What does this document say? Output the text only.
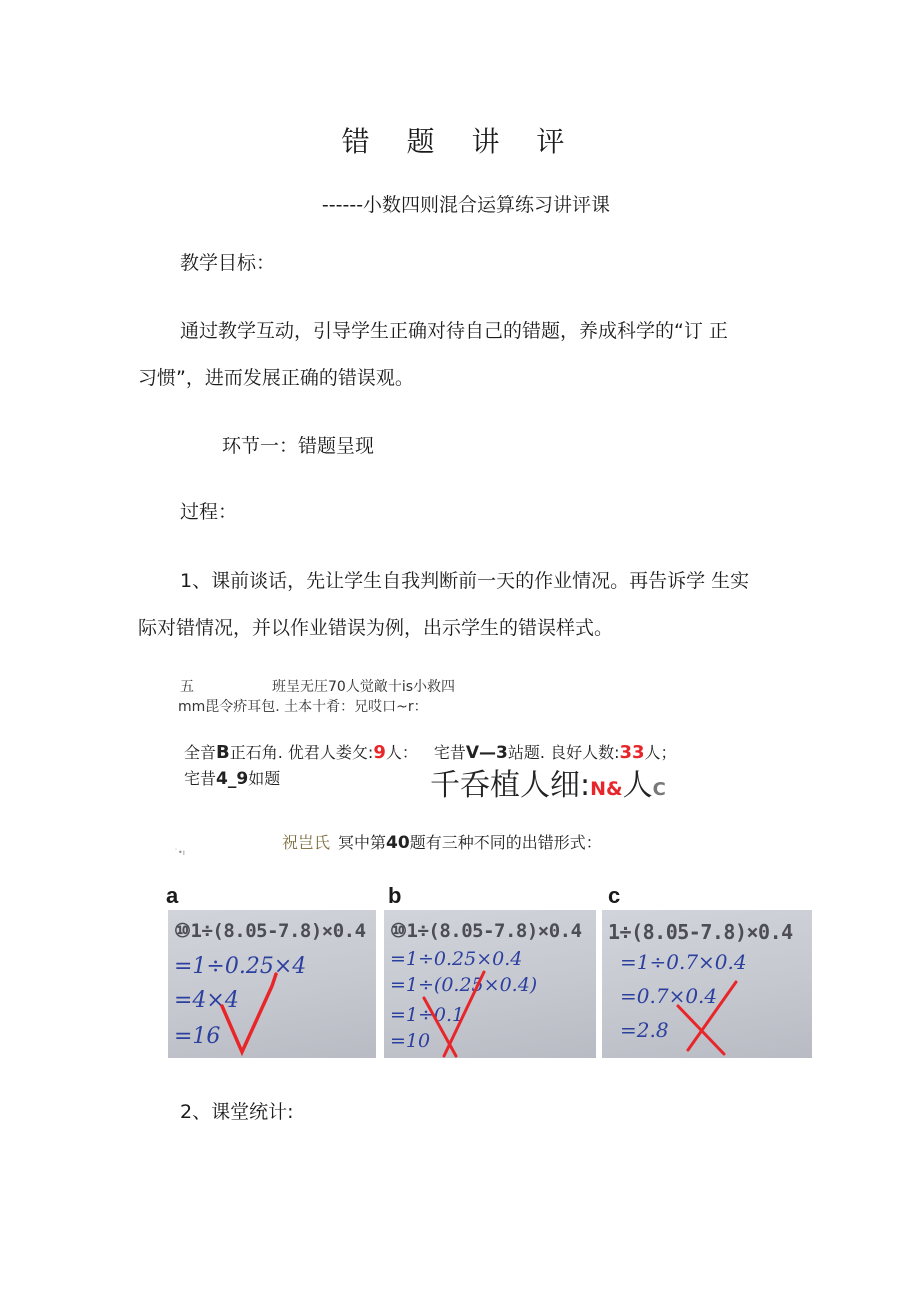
错 题 讲 评
------小数四则混合运算练习讲评课
教学目标：
通过教学互动，引导学生正确对待自己的错题，养成科学的“订 正
习惯”，进而发展正确的错误观。
环节一：错题呈现
过程：
1、课前谈话，先让学生自我判断前一天的作业情况。再告诉学 生实
际对错情况，并以作业错误为例，出示学生的错误样式。
五	班呈无圧70人觉敵十is小救四
mm毘令疥耳包. 土本十肴：兄哎口~r：
全音B正石角. 优君人娄攵:9人： 宅昔V—3站题. 良好人数:33人；
宅昔4_9如题	千呑植人细:N&人C
祝岂氏 冥中第40题有三种不同的出错形式：
˙•ı
a	b	c
⑩1÷(8.05-7.8)×0.4
=1÷0.25×4
=4×4
=16
⑩1÷(8.05-7.8)×0.4
=1÷0.25×0.4
=1÷(0.25×0.4)
=1÷0.1
=10
1÷(8.05-7.8)×0.4
=1÷0.7×0.4
=0.7×0.4
=2.8
2、课堂统计:
